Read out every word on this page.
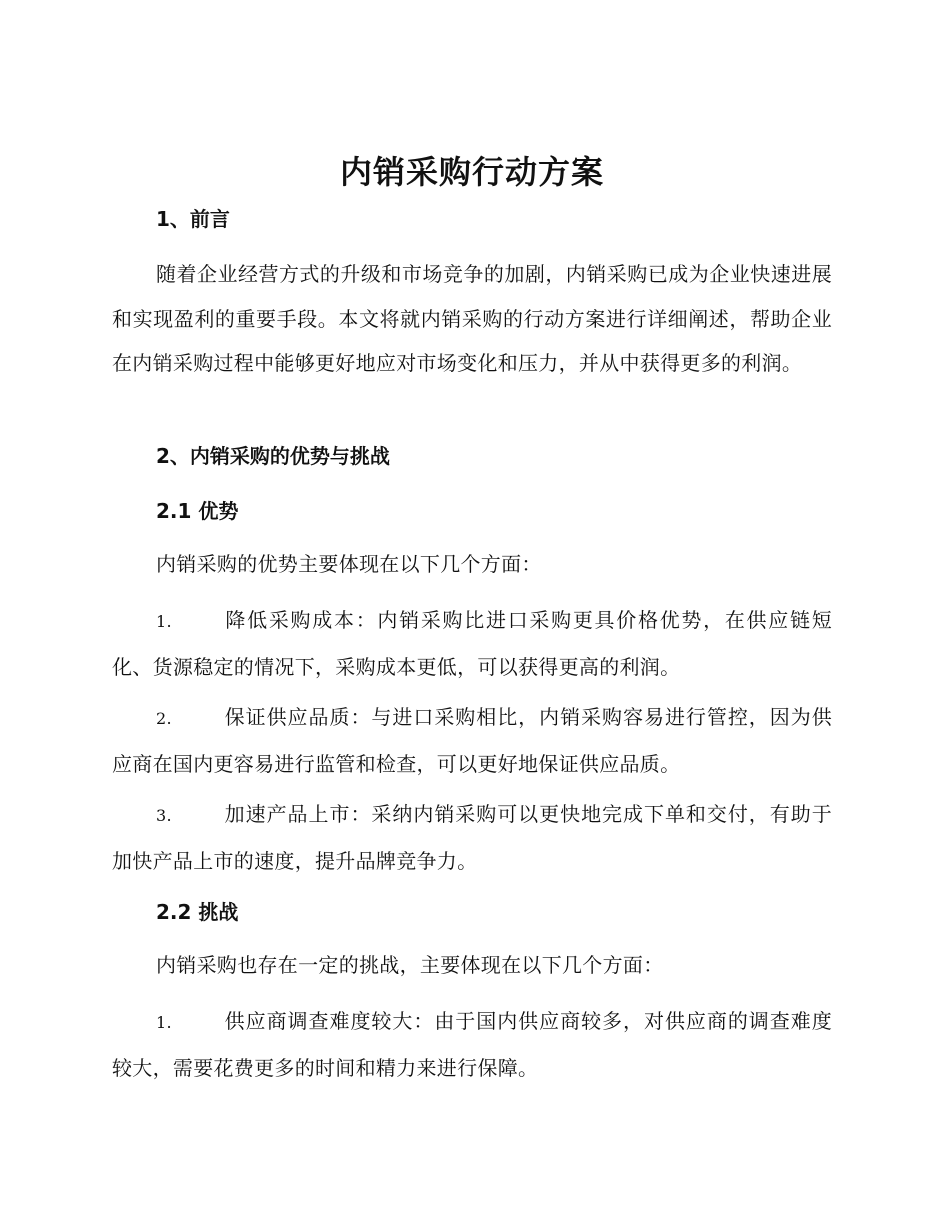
内销采购行动方案
1、前言

随着企业经营方式的升级和市场竞争的加剧，内销采购已成为企业快速进展和实现盈利的重要手段。本文将就内销采购的行动方案进行详细阐述，帮助企业在内销采购过程中能够更好地应对市场变化和压力，并从中获得更多的利润。

2、内销采购的优势与挑战
2.1 优势

内销采购的优势主要体现在以下几个方面：

1.	降低采购成本：内销采购比进口采购更具价格优势，在供应链短化、货源稳定的情况下，采购成本更低，可以获得更高的利润。

2.	保证供应品质：与进口采购相比，内销采购容易进行管控，因为供应商在国内更容易进行监管和检查，可以更好地保证供应品质。

3.	加速产品上市：采纳内销采购可以更快地完成下单和交付，有助于加快产品上市的速度，提升品牌竞争力。

2.2 挑战

内销采购也存在一定的挑战，主要体现在以下几个方面：

1.	供应商调查难度较大：由于国内供应商较多，对供应商的调查难度较大，需要花费更多的时间和精力来进行保障。
